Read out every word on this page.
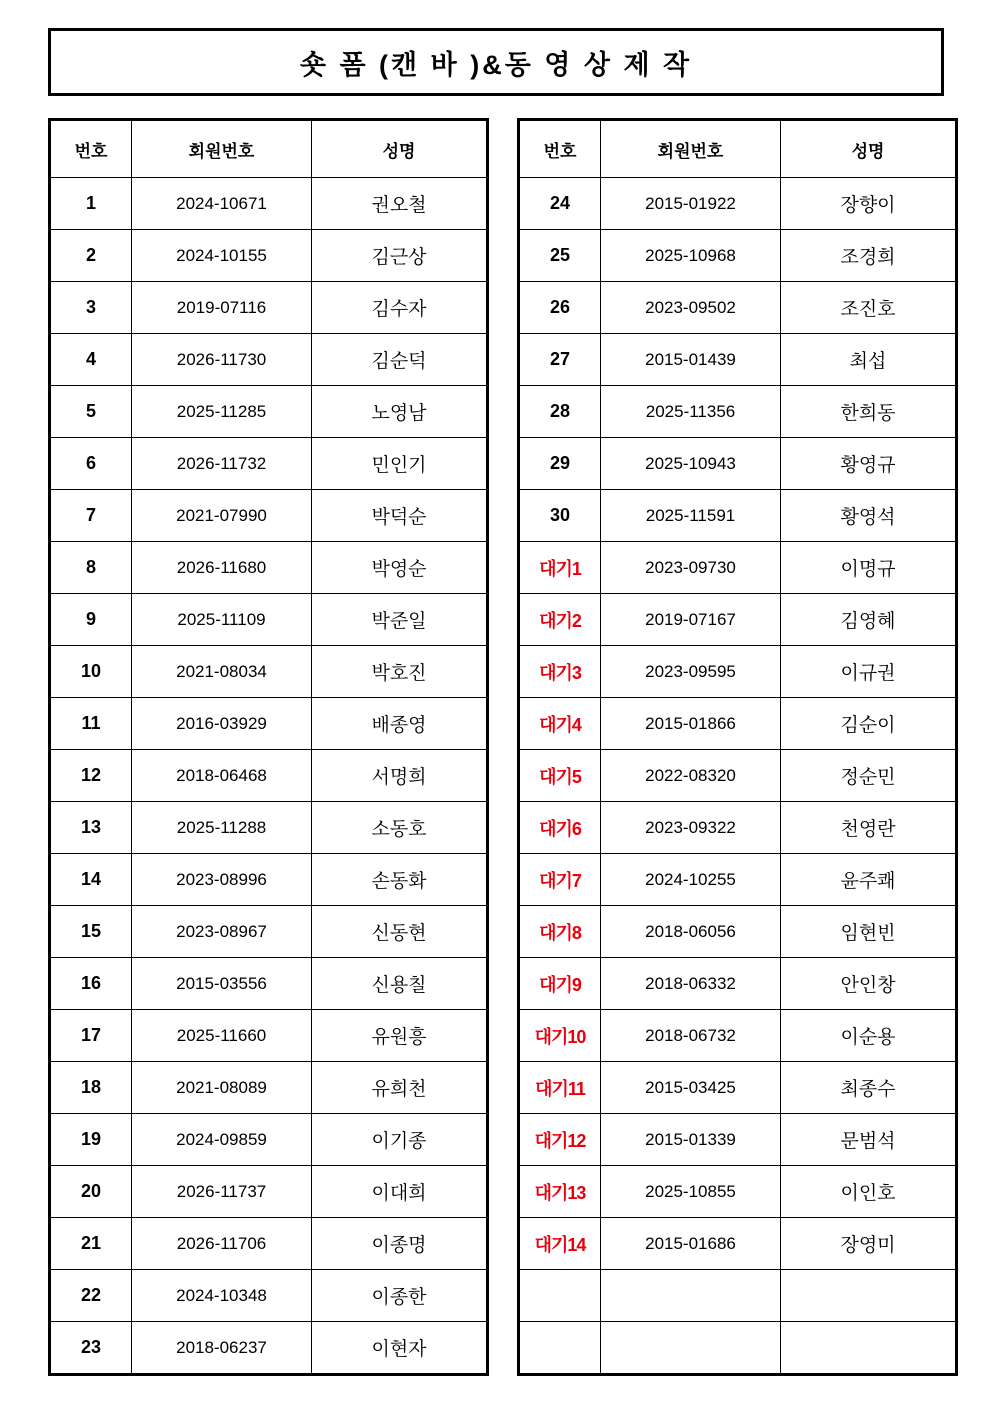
숏 폼 (캔 바 )&동 영 상 제 작
번호	회원번호	성명
1	2024-10671	권오철
2	2024-10155	김근상
3	2019-07116	김수자
4	2026-11730	김순덕
5	2025-11285	노영남
6	2026-11732	민인기
7	2021-07990	박덕순
8	2026-11680	박영순
9	2025-11109	박준일
10	2021-08034	박호진
11	2016-03929	배종영
12	2018-06468	서명희
13	2025-11288	소동호
14	2023-08996	손동화
15	2023-08967	신동현
16	2015-03556	신용칠
17	2025-11660	유원흥
18	2021-08089	유희천
19	2024-09859	이기종
20	2026-11737	이대희
21	2026-11706	이종명
22	2024-10348	이종한
23	2018-06237	이현자
번호	회원번호	성명
24	2015-01922	장향이
25	2025-10968	조경희
26	2023-09502	조진호
27	2015-01439	최섭
28	2025-11356	한희동
29	2025-10943	황영규
30	2025-11591	황영석
대기1	2023-09730	이명규
대기2	2019-07167	김영혜
대기3	2023-09595	이규권
대기4	2015-01866	김순이
대기5	2022-08320	정순민
대기6	2023-09322	천영란
대기7	2024-10255	윤주쾌
대기8	2018-06056	임현빈
대기9	2018-06332	안인창
대기10	2018-06732	이순용
대기11	2015-03425	최종수
대기12	2015-01339	문범석
대기13	2025-10855	이인호
대기14	2015-01686	장영미
